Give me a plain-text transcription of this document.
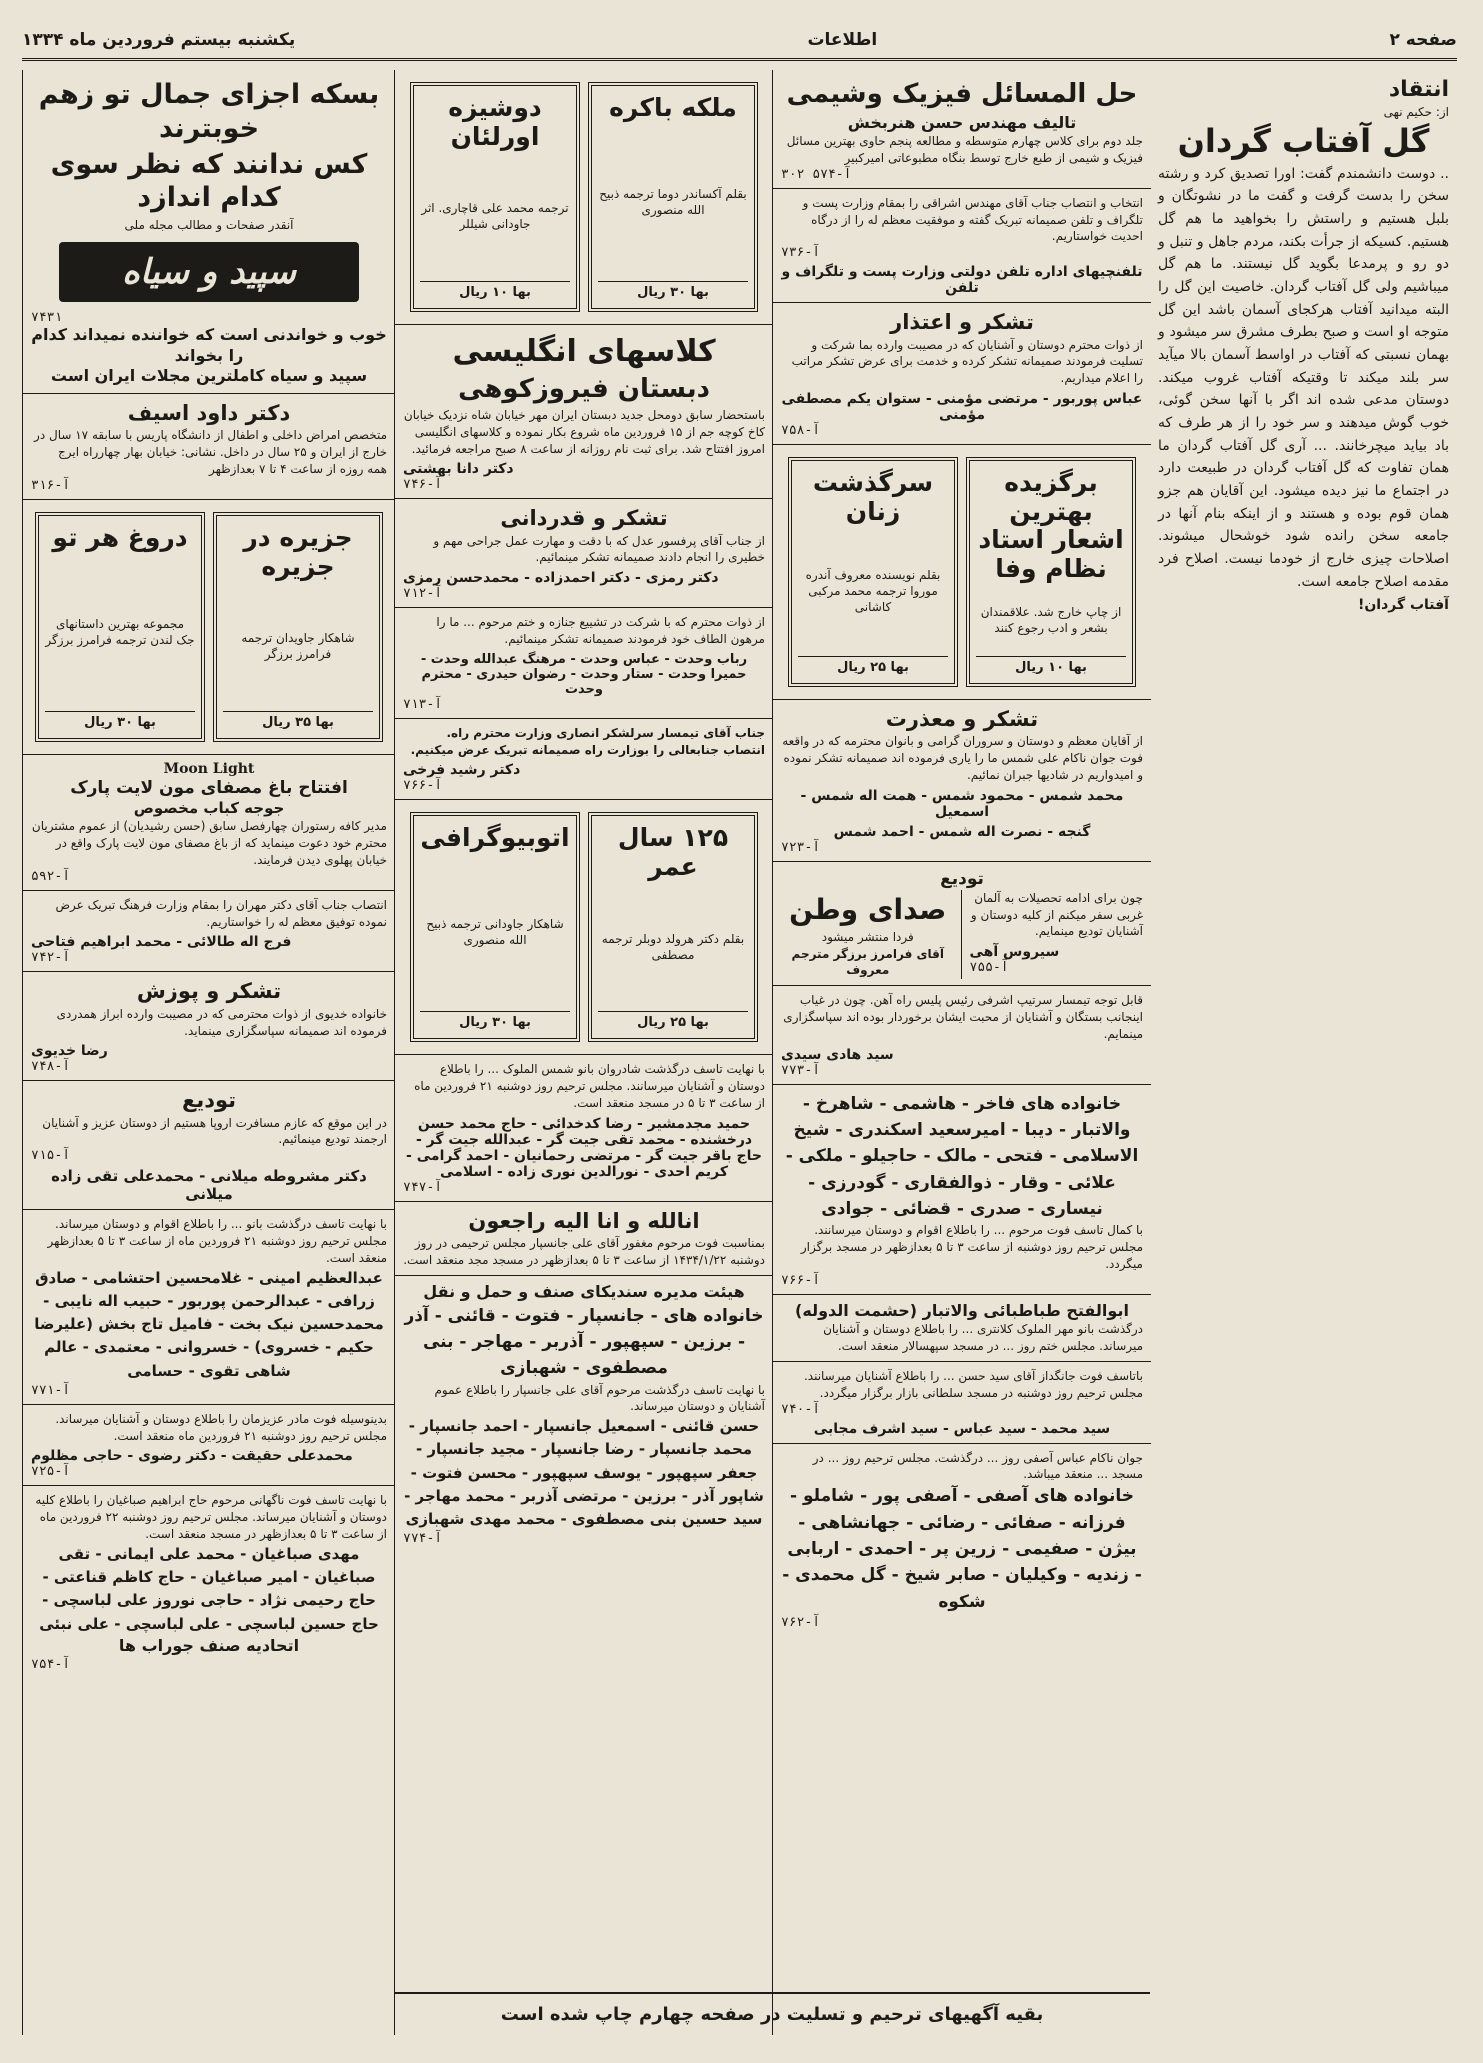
یکشنبه بیستم فروردین ماه ۱۳۳۴	اطلاعات	صفحه ۲
بسکه اجزای جمال تو زهم خوبترند
کس ندانند که نظر سوی کدام اندازد
آنقدر صفحات و مطالب مجله ملی
سپید و سیاه
۷۴۳۱
خوب و خواندنی است که خواننده نمیداند کدام را بخواند
سپید و سیاه کاملترین مجلات ایران است
دکتر داود اسیف
متخصص امراض داخلی و اطفال از دانشگاه پاریس با سابقه ۱۷ سال در خارج از ایران و ۲۵ سال در داخل. نشانی: خیابان بهار چهارراه ایرج
همه روزه از ساعت ۴ تا ۷ بعدازظهر
آ-۳۱۶
جزیره در جزیره
شاهکار جاویدان ترجمه فرامرز برزگر
بها ۳۵ ریال
دروغ هر تو
مجموعه بهترین داستانهای جک لندن ترجمه فرامرز برزگر
بها ۳۰ ریال
Moon Light
افتتاح باغ مصفای مون لایت پارک
جوجه کباب مخصوص
مدیر کافه رستوران چهارفصل سابق (حسن رشیدیان) از عموم مشتریان محترم خود دعوت مینماید که از باغ مصفای مون لایت پارک واقع در خیابان پهلوی دیدن فرمایند.
آ-۵۹۲
انتصاب جناب آقای دکتر مهران را بمقام وزارت فرهنگ تبریک عرض نموده توفیق معظم له را خواستاریم.
فرج اله طالائی - محمد ابراهیم فتاحی
آ-۷۴۲
تشکر و پوزش
خانواده خدیوی از ذوات محترمی که در مصیبت وارده ابراز همدردی فرموده اند صمیمانه سپاسگزاری مینماید.
رضا خدیوی
آ-۷۴۸
تودیع
در این موقع که عازم مسافرت اروپا هستیم از دوستان عزیز و آشنایان ارجمند تودیع مینمائیم.
آ-۷۱۵
دکتر مشروطه میلانی - محمدعلی تقی زاده میلانی
با نهایت تاسف درگذشت بانو ... را باطلاع اقوام و دوستان میرساند. مجلس ترحیم روز دوشنبه ۲۱ فروردین ماه از ساعت ۳ تا ۵ بعدازظهر منعقد است.
عبدالعظیم امینی - غلامحسین احتشامی - صادق زرافی - عبدالرحمن پوربور - حبیب اله نایبی - محمدحسین نیک بخت - فامیل تاج بخش (علیرضا حکیم - خسروی) - خسروانی - معتمدی - عالم شاهی تقوی - حسامی
آ-۷۷۱
بدینوسیله فوت مادر عزیزمان را باطلاع دوستان و آشنایان میرساند. مجلس ترحیم روز دوشنبه ۲۱ فروردین ماه منعقد است.
محمدعلی حقیقت - دکتر رضوی - حاجی مظلوم
آ-۷۲۵
با نهایت تاسف فوت ناگهانی مرحوم حاج ابراهیم صباغیان را باطلاع کلیه دوستان و آشنایان میرساند. مجلس ترحیم روز دوشنبه ۲۲ فروردین ماه از ساعت ۳ تا ۵ بعدازظهر در مسجد منعقد است.
مهدی صباغیان - محمد علی ایمانی - تقی صباغیان - امیر صباغیان - حاج کاظم قناعتی - حاج رحیمی نژاد - حاجی نوروز علی لباسچی - حاج حسین لباسچی - علی لباسچی - علی نبئی
اتحادیه صنف جوراب ها
آ-۷۵۴
ملکه باکره
بقلم آکساندر دوما ترجمه ذبیح الله منصوری
بها ۳۰ ریال
دوشیزه اورلئان
ترجمه محمد علی قاچاری. اثر جاودانی شیللر
بها ۱۰ ریال
کلاسهای انگلیسی
دبستان فیروزکوهی
باستحضار سابق دومحل جدید دبستان ایران مهر خیابان شاه نزدیک خیابان کاخ کوچه جم از ۱۵ فروردین ماه شروع بکار نموده و کلاسهای انگلیسی امروز افتتاح شد. برای ثبت نام روزانه از ساعت ۸ صبح مراجعه فرمائید.
دکتر دانا بهشتی
آ-۷۴۶
تشکر و قدردانی
از جناب آقای پرفسور عدل که با دقت و مهارت عمل جراحی مهم و خطیری را انجام دادند صمیمانه تشکر مینمائیم.
دکتر رمزی - دکتر احمدزاده - محمدحسن رمزی
آ-۷۱۲
از ذوات محترم که با شرکت در تشییع جنازه و ختم مرحوم ... ما را مرهون الطاف خود فرمودند صمیمانه تشکر مینمائیم.
رباب وحدت - عباس وحدت - مرهنگ عبدالله وحدت - حمیرا وحدت - ستار وحدت - رضوان حیدری - محترم وحدت
آ-۷۱۳
جناب آقای تیمسار سرلشکر انصاری وزارت محترم راه. انتصاب جنابعالی را بوزارت راه صمیمانه تبریک عرض میکنیم.
دکتر رشید فرخی
آ-۷۶۶
۱۲۵ سال عمر
بقلم دکتر هرولد دوبلر ترجمه مصطفی
بها ۲۵ ریال
اتوبیوگرافی
شاهکار جاودانی ترجمه ذبیح الله منصوری
بها ۳۰ ریال
با نهایت تاسف درگذشت شادروان بانو شمس الملوک ... را باطلاع دوستان و آشنایان میرسانند. مجلس ترحیم روز دوشنبه ۲۱ فروردین ماه از ساعت ۳ تا ۵ در مسجد منعقد است.
حمید مجدمشیر - رضا کدخدائی - حاج محمد حسن درخشنده - محمد تقی جیت گر - عبدالله جیت گر - حاج باقر جیت گر - مرتضی رحمانیان - احمد گرامی - کریم احدی - نورالدین نوری زاده - اسلامی
آ-۷۴۷
انالله و انا الیه راجعون
بمناسبت فوت مرحوم مغفور آقای علی جانسپار مجلس ترحیمی در روز دوشنبه ۱۴۳۴/۱/۲۲ از ساعت ۳ تا ۵ بعدازظهر در مسجد مجد منعقد است.
هیئت مدیره سندیکای صنف و حمل و نقل
خانواده های - جانسپار - فتوت - قائنی - آذر - برزین - سپهپور - آذربر - مهاجر - بنی مصطفوی - شهبازی
با نهایت تاسف درگذشت مرحوم آقای علی جانسپار را باطلاع عموم آشنایان و دوستان میرساند.
حسن قائنی - اسمعیل جانسپار - احمد جانسپار - محمد جانسپار - رضا جانسپار - مجید جانسپار - جعفر سپهپور - یوسف سپهپور - محسن فتوت - شاپور آذر - برزین - مرتضی آذربر - محمد مهاجر - سید حسین بنی مصطفوی - محمد مهدی شهبازی
آ-۷۷۴
حل المسائل فیزیک وشیمی
تالیف مهندس حسن هنربخش
جلد دوم برای کلاس چهارم متوسطه و مطالعه پنجم حاوی بهترین مسائل فیزیک و شیمی از طبع خارج توسط بنگاه مطبوعاتی امیرکبیر
آ-۵۷۴ ۳۰۲
انتخاب و انتصاب جناب آقای مهندس اشراقی را بمقام وزارت پست و تلگراف و تلفن صمیمانه تبریک گفته و موفقیت معظم له را از درگاه احدیت خواستاریم.
آ-۷۳۶
تلفنچیهای اداره تلفن دولتی وزارت پست و تلگراف و تلفن
تشکر و اعتذار
از ذوات محترم دوستان و آشنایان که در مصیبت وارده بما شرکت و تسلیت فرمودند صمیمانه تشکر کرده و خدمت برای عرض تشکر مراتب را اعلام میداریم.
عباس پوربور - مرتضی مؤمنی - ستوان یکم مصطفی مؤمنی
آ-۷۵۸
برگزیده بهترین اشعار استاد نظام وفا
از چاپ خارج شد. علاقمندان بشعر و ادب رجوع کنند
بها ۱۰ ریال
سرگذشت زنان
بقلم نویسنده معروف آندره موروا ترجمه محمد مرکبی کاشانی
بها ۲۵ ریال
تشکر و معذرت
از آقایان معظم و دوستان و سروران گرامی و بانوان محترمه که در واقعه فوت جوان ناکام علی شمس ما را یاری فرموده اند صمیمانه تشکر نموده و امیدواریم در شادیها جبران نمائیم.
محمد شمس - محمود شمس - همت اله شمس - اسمعیل
گنجه - نصرت اله شمس - احمد شمس
آ-۷۲۳
تودیع
چون برای ادامه تحصیلات به آلمان غربی سفر میکنم از کلیه دوستان و آشنایان تودیع مینمایم.
سیروس آهی
آ-۷۵۵
صدای وطن
فردا منتشر میشود
آقای فرامرز برزگر مترجم معروف
قابل توجه تیمسار سرتیپ اشرفی رئیس پلیس راه آهن. چون در غیاب اینجانب بستگان و آشنایان از محبت ایشان برخوردار بوده اند سپاسگزاری مینمایم.
سید هادی سیدی
آ-۷۷۳
خانواده های فاخر - هاشمی - شاهرخ - والاتبار - دیبا - امیرسعید اسکندری - شیخ الاسلامی - فتحی - مالک - حاجیلو - ملکی - علائی - وقار - ذوالفقاری - گودرزی - نیساری - صدری - قضائی - جوادی
با کمال تاسف فوت مرحوم ... را باطلاع اقوام و دوستان میرسانند. مجلس ترحیم روز دوشنبه از ساعت ۳ تا ۵ بعدازظهر در مسجد برگزار میگردد.
آ-۷۶۶
ابوالفتح طباطبائی والاتبار (حشمت الدوله)
درگذشت بانو مهر الملوک کلانتری ... را باطلاع دوستان و آشنایان میرساند. مجلس ختم روز ... در مسجد سپهسالار منعقد است.
باتاسف فوت جانگداز آقای سید حسن ... را باطلاع آشنایان میرسانند. مجلس ترحیم روز دوشنبه در مسجد سلطانی بازار برگزار میگردد.
آ-۷۴۰
سید محمد - سید عباس - سید اشرف مجابی
جوان ناکام عباس آصفی روز ... درگذشت. مجلس ترحیم روز ... در مسجد ... منعقد میباشد.
خانواده های آصفی - آصفی پور - شاملو - فرزانه - صفائی - رضائی - جهانشاهی - بیژن - صفیمی - زرین پر - احمدی - اربابی - زندیه - وکیلیان - صابر شیخ - گل محمدی - شکوه
آ-۷۶۲
انتقاد
از: حکیم نهی
گل آفتاب گردان
.. دوست دانشمندم گفت: اورا تصدیق کرد و رشته سخن را بدست گرفت و گفت ما در نشوتگان و بلبل هستیم و راستش را بخواهید ما هم گل هستیم. کسیکه از جرأت بکند، مردم جاهل و تنبل و دو رو و پرمدعا بگوید گل نیستند. ما هم گل میباشیم ولی گل آفتاب گردان. خاصیت این گل را البته میدانید آفتاب هرکجای آسمان باشد این گل متوجه او است و صبح بطرف مشرق سر میشود و بهمان نسبتی که آفتاب در اواسط آسمان بالا میآید سر بلند میکند تا وقتیکه آفتاب غروب میکند. دوستان مدعی شده اند اگر با آنها سخن گوئی، خوب گوش میدهند و سر خود را از هر طرف که باد بیاید میچرخانند. ... آری گل آفتاب گردان ما همان تفاوت که گل آفتاب گردان در طبیعت دارد در اجتماع ما نیز دیده میشود. این آقایان هم جزو همان قوم بوده و هستند و از اینکه بنام آنها در جامعه سخن رانده شود خوشحال میشوند. اصلاحات چیزی خارج از خودما نیست. اصلاح فرد مقدمه اصلاح جامعه است.
آفتاب گردان!
بقیه آگهیهای ترحیم و تسلیت در صفحه چهارم چاپ شده است
